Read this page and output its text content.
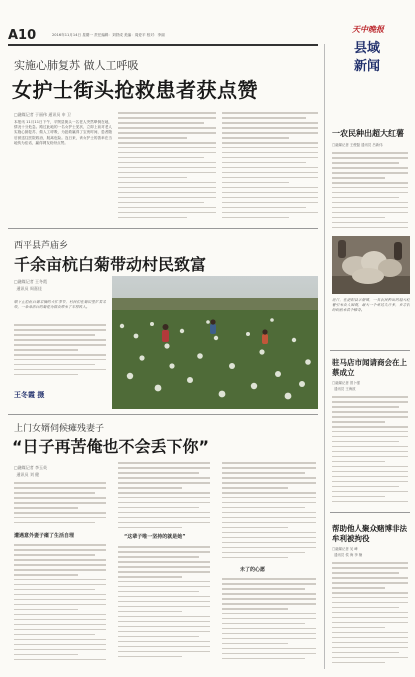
A10	2016年11月14日 星期一 责任编辑：刘铁成 美编：周爱平 校对：李丽
天中晚报
县域
新闻
实施心肺复苏 做人工呼吸
女护士街头抢救患者获点赞
□融媒记者 于丽伟 通讯员 申 卫
本报讯 11月11日下午，平舆县街头一名老人突然晕倒在地，情况十分危急。路过此地的一名女护士见状，立即上前对老人实施心肺复苏、做人工呼吸，为抢救赢得了宝贵时间，患者随后被送往医院救治，脱离危险。连日来，该女护士的善举在当地传为佳话，赢得网友纷纷点赞。
西平县芦庙乡
千余亩杭白菊带动村民致富
□融媒记者 王冬霞
通讯员 周嘉佳
眼下正值杭白菊采摘的大忙季节，村民们在菊田里忙着采收，一朵朵洁白的菊花为群众带来了丰厚收入。
王冬霞 摄
上门女婿伺候瘫残妻子
“日子再苦俺也不会丢下你”
□融媒记者 李玉英
通讯员 刘 健
遭遇意外妻子瘫了生活自理	“这辈子唯一坚持的就是她”
未了的心愿
一农民种出超大红薯
□融媒记者 王俊磊 通讯员 吕新伟
近日，在泌阳县羊册镇，一名农民种出的超大红薯引来众人围观，最大一个重达九斤多，乡亲们纷纷前来看个稀奇。
驻马店市闻请商会在上蔡成立
□融媒记者 曾卜强
通讯员 王海波
帮助他人聚众赌博非法牟利被拘役
□融媒记者 吴 峰
通讯员 侯 海 李 楠
